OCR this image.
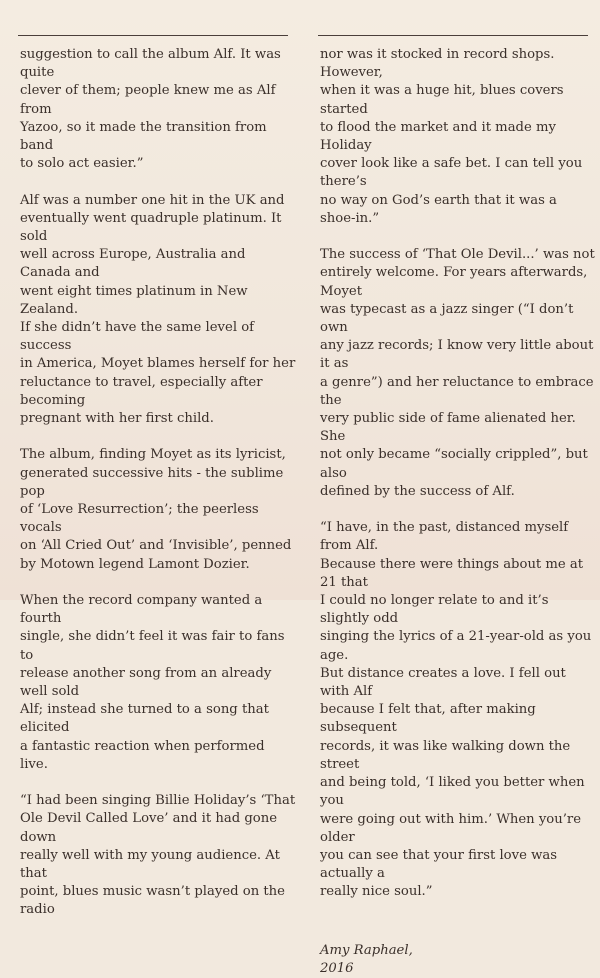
suggestion to call the album Alf. It was quite
clever of them; people knew me as Alf from
Yazoo, so it made the transition from band
to solo act easier.”

Alf was a number one hit in the UK and
eventually went quadruple platinum. It sold
well across Europe, Australia and Canada and
went eight times platinum in New Zealand.
If she didn’t have the same level of success
in America, Moyet blames herself for her
reluctance to travel, especially after becoming
pregnant with her first child.

The album, finding Moyet as its lyricist,
generated successive hits - the sublime pop
of ‘Love Resurrection’; the peerless vocals
on ‘All Cried Out’ and ‘Invisible’, penned
by Motown legend Lamont Dozier.

When the record company wanted a fourth
single, she didn’t feel it was fair to fans to
release another song from an already well sold
Alf; instead she turned to a song that elicited
a fantastic reaction when performed live.

“I had been singing Billie Holiday’s ‘That
Ole Devil Called Love’ and it had gone down
really well with my young audience. At that
point, blues music wasn’t played on the radio

nor was it stocked in record shops. However,
when it was a huge hit, blues covers started
to flood the market and it made my Holiday
cover look like a safe bet. I can tell you there’s
no way on God’s earth that it was a shoe-in.”

The success of ‘That Ole Devil...’ was not
entirely welcome. For years afterwards, Moyet
was typecast as a jazz singer (“I don’t own
any jazz records; I know very little about it as
a genre”) and her reluctance to embrace the
very public side of fame alienated her. She
not only became “socially crippled”, but also
defined by the success of Alf.

“I have, in the past, distanced myself from Alf.
Because there were things about me at 21 that
I could no longer relate to and it’s slightly odd
singing the lyrics of a 21-year-old as you age.
But distance creates a love. I fell out with Alf
because I felt that, after making subsequent
records, it was like walking down the street
and being told, ‘I liked you better when you
were going out with him.’ When you’re older
you can see that your first love was actually a
really nice soul.”

Amy Raphael,
2016
